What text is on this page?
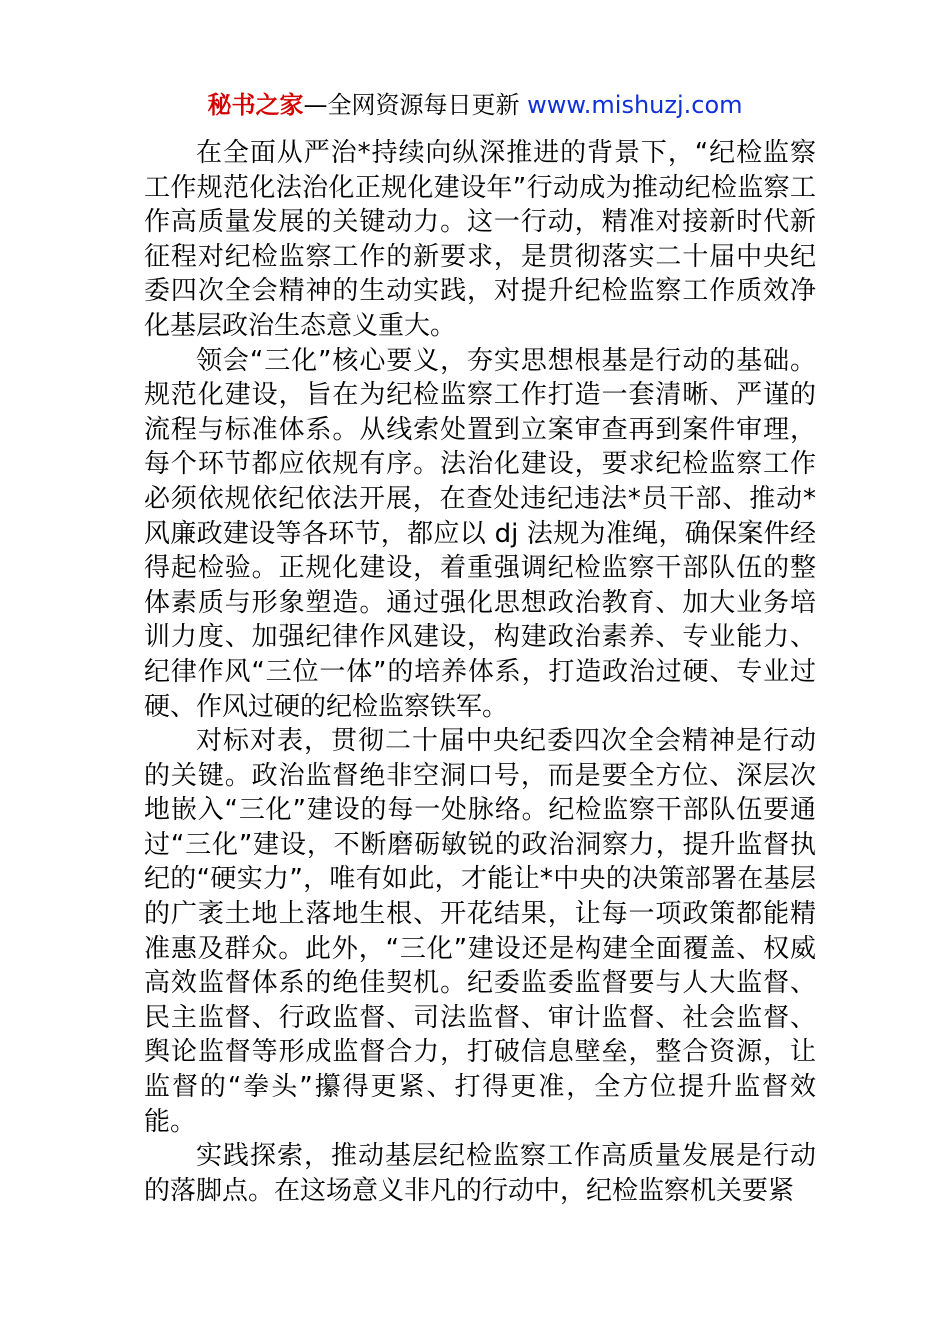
秘书之家—全网资源每日更新 www.mishuzj.com

在全面从严治*持续向纵深推进的背景下，“纪检监察工作规范化法治化正规化建设年”行动成为推动纪检监察工作高质量发展的关键动力。这一行动，精准对接新时代新征程对纪检监察工作的新要求，是贯彻落实二十届中央纪委四次全会精神的生动实践，对提升纪检监察工作质效净化基层政治生态意义重大。

领会“三化”核心要义，夯实思想根基是行动的基础。规范化建设，旨在为纪检监察工作打造一套清晰、严谨的流程与标准体系。从线索处置到立案审查再到案件审理，每个环节都应依规有序。法治化建设，要求纪检监察工作必须依规依纪依法开展，在查处违纪违法*员干部、推动*风廉政建设等各环节，都应以 dj 法规为准绳，确保案件经得起检验。正规化建设，着重强调纪检监察干部队伍的整体素质与形象塑造。通过强化思想政治教育、加大业务培训力度、加强纪律作风建设，构建政治素养、专业能力、纪律作风“三位一体”的培养体系，打造政治过硬、专业过硬、作风过硬的纪检监察铁军。

对标对表，贯彻二十届中央纪委四次全会精神是行动的关键。政治监督绝非空洞口号，而是要全方位、深层次地嵌入“三化”建设的每一处脉络。纪检监察干部队伍要通过“三化”建设，不断磨砺敏锐的政治洞察力，提升监督执纪的“硬实力”，唯有如此，才能让*中央的决策部署在基层的广袤土地上落地生根、开花结果，让每一项政策都能精准惠及群众。此外，“三化”建设还是构建全面覆盖、权威高效监督体系的绝佳契机。纪委监委监督要与人大监督、民主监督、行政监督、司法监督、审计监督、社会监督、舆论监督等形成监督合力，打破信息壁垒，整合资源，让监督的“拳头”攥得更紧、打得更准，全方位提升监督效能。

实践探索，推动基层纪检监察工作高质量发展是行动的落脚点。在这场意义非凡的行动中，纪检监察机关要紧
